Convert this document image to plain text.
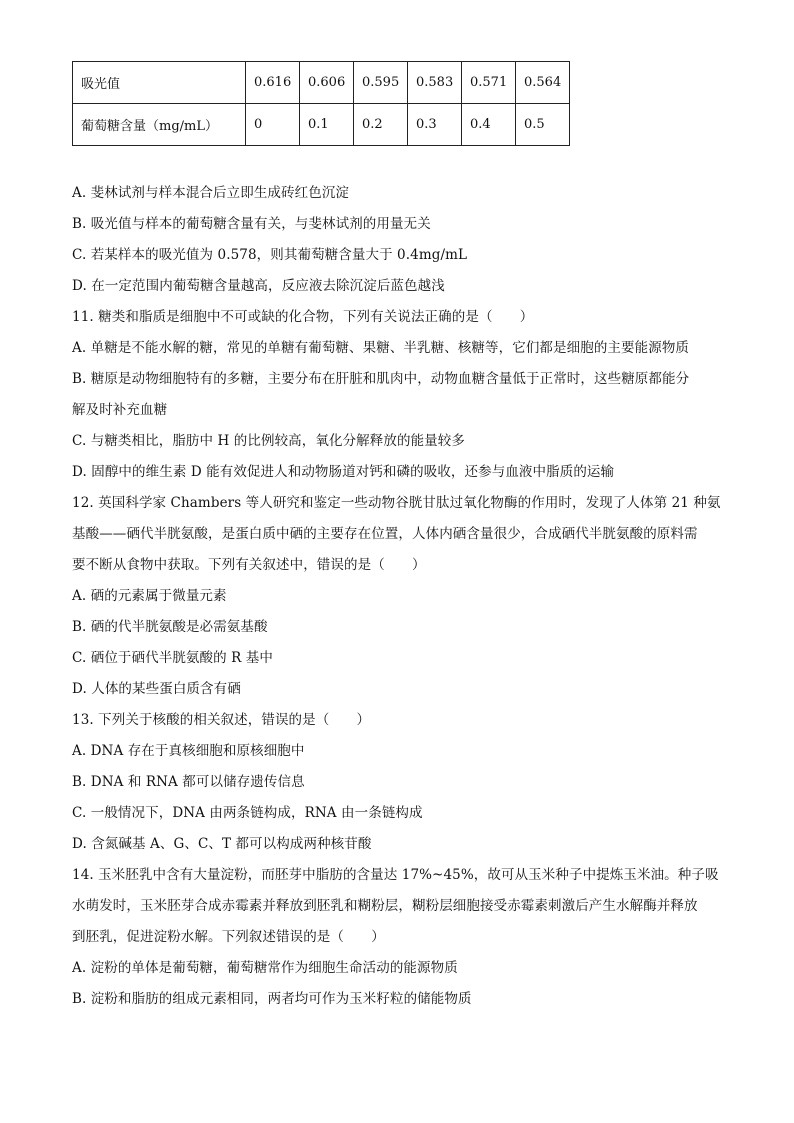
吸光值	0.616	0.606	0.595	0.583	0.571	0.564
葡萄糖含量（mg/mL）	0	0.1	0.2	0.3	0.4	0.5
A. 斐林试剂与样本混合后立即生成砖红色沉淀
B. 吸光值与样本的葡萄糖含量有关，与斐林试剂的用量无关
C. 若某样本的吸光值为 0.578，则其葡萄糖含量大于 0.4mg/mL
D. 在一定范围内葡萄糖含量越高，反应液去除沉淀后蓝色越浅
11. 糖类和脂质是细胞中不可或缺的化合物，下列有关说法正确的是（　　）
A. 单糖是不能水解的糖，常见的单糖有葡萄糖、果糖、半乳糖、核糖等，它们都是细胞的主要能源物质
B. 糖原是动物细胞特有的多糖，主要分布在肝脏和肌肉中，动物血糖含量低于正常时，这些糖原都能分
解及时补充血糖
C. 与糖类相比，脂肪中 H 的比例较高，氧化分解释放的能量较多
D. 固醇中的维生素 D 能有效促进人和动物肠道对钙和磷的吸收，还参与血液中脂质的运输
12. 英国科学家 Chambers 等人研究和鉴定一些动物谷胱甘肽过氧化物酶的作用时，发现了人体第 21 种氨
基酸——硒代半胱氨酸，是蛋白质中硒的主要存在位置，人体内硒含量很少，合成硒代半胱氨酸的原料需
要不断从食物中获取。下列有关叙述中，错误的是（　　）
A. 硒的元素属于微量元素
B. 硒的代半胱氨酸是必需氨基酸
C. 硒位于硒代半胱氨酸的 R 基中
D. 人体的某些蛋白质含有硒
13. 下列关于核酸的相关叙述，错误的是（　　）
A. DNA 存在于真核细胞和原核细胞中
B. DNA 和 RNA 都可以储存遗传信息
C. 一般情况下，DNA 由两条链构成，RNA 由一条链构成
D. 含氮碱基 A、G、C、T 都可以构成两种核苷酸
14. 玉米胚乳中含有大量淀粉，而胚芽中脂肪的含量达 17%~45%，故可从玉米种子中提炼玉米油。种子吸
水萌发时，玉米胚芽合成赤霉素并释放到胚乳和糊粉层，糊粉层细胞接受赤霉素刺激后产生水解酶并释放
到胚乳，促进淀粉水解。下列叙述错误的是（　　）
A. 淀粉的单体是葡萄糖，葡萄糖常作为细胞生命活动的能源物质
B. 淀粉和脂肪的组成元素相同，两者均可作为玉米籽粒的储能物质
